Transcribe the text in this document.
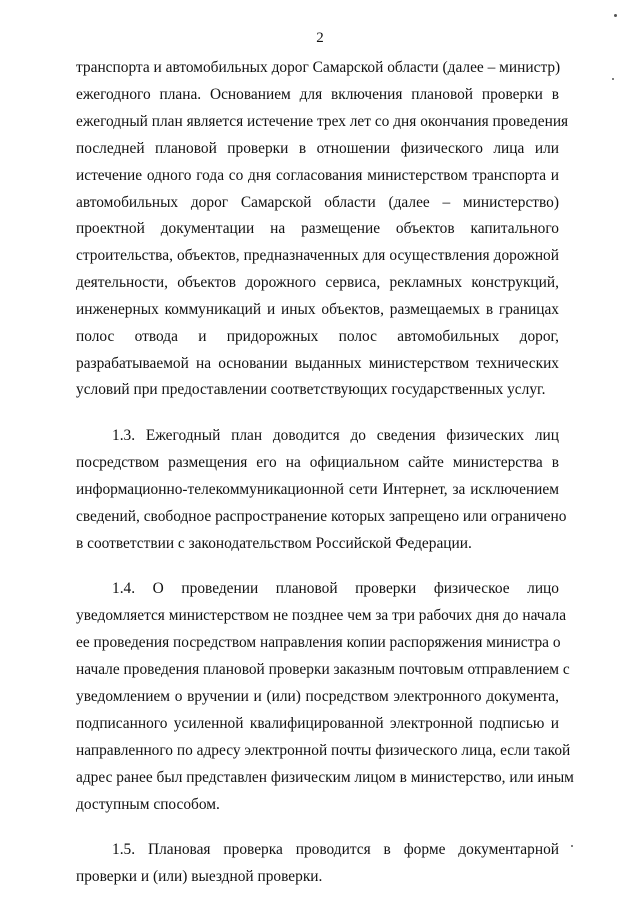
2
транспорта и автомобильных дорог Самарской области (далее – министр)
ежегодного плана. Основанием для включения плановой проверки в
ежегодный план является истечение трех лет со дня окончания проведения
последней плановой проверки в отношении физического лица или
истечение одного года со дня согласования министерством транспорта и
автомобильных дорог Самарской области (далее – министерство)
проектной документации на размещение объектов капитального
строительства, объектов, предназначенных для осуществления дорожной
деятельности, объектов дорожного сервиса, рекламных конструкций,
инженерных коммуникаций и иных объектов, размещаемых в границах
полос отвода и придорожных полос автомобильных дорог,
разрабатываемой на основании выданных министерством технических
условий при предоставлении соответствующих государственных услуг.
1.3. Ежегодный план доводится до сведения физических лиц
посредством размещения его на официальном сайте министерства в
информационно-телекоммуникационной сети Интернет, за исключением
сведений, свободное распространение которых запрещено или ограничено
в соответствии с законодательством Российской Федерации.
1.4. О проведении плановой проверки физическое лицо
уведомляется министерством не позднее чем за три рабочих дня до начала
ее проведения посредством направления копии распоряжения министра о
начале проведения плановой проверки заказным почтовым отправлением с
уведомлением о вручении и (или) посредством электронного документа,
подписанного усиленной квалифицированной электронной подписью и
направленного по адресу электронной почты физического лица, если такой
адрес ранее был представлен физическим лицом в министерство, или иным
доступным способом.
1.5. Плановая проверка проводится в форме документарной
проверки и (или) выездной проверки.
